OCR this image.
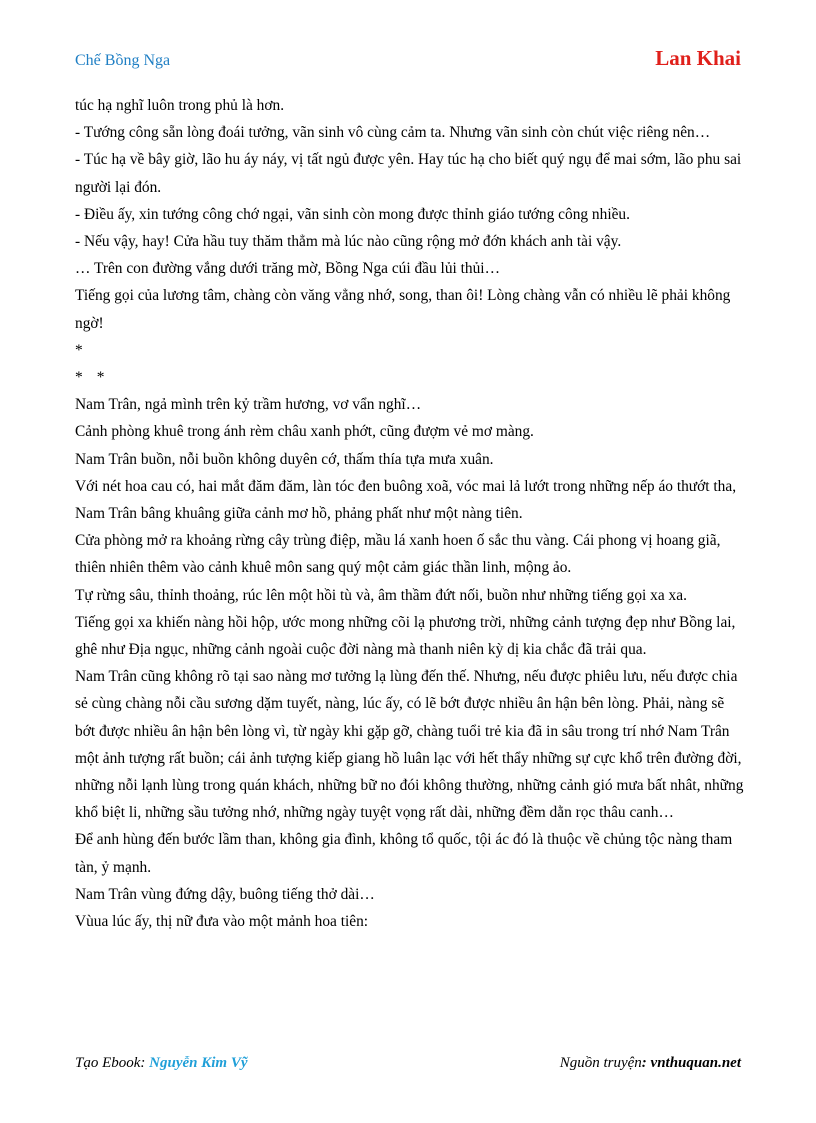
Chế Bồng Nga	Lan Khai

túc hạ nghĩ luôn trong phủ là hơn.

- Tướng công sẵn lòng đoái tưởng, vãn sinh vô cùng cảm ta. Nhưng vãn sinh còn chút việc riêng nên…

- Túc hạ về bây giờ, lão hu áy náy, vị tất ngủ được yên. Hay túc hạ cho biết quý ngụ để mai sớm, lão phu sai người lại đón.

- Điều ấy, xin tướng công chớ ngại, vãn sinh còn mong được thỉnh giáo tướng công nhiều.

- Nếu vậy, hay! Cửa hầu tuy thăm thẳm mà lúc nào cũng rộng mở đớn khách anh tài vậy.

… Trên con đường vắng dưới trăng mờ, Bồng Nga cúi đầu lủi thủi…

Tiếng gọi của lương tâm, chàng còn văng vẳng nhớ, song, than ôi! Lòng chàng vẫn có nhiều lẽ phải không ngờ!

*

* *

Nam Trân, ngả mình trên kỷ trầm hương, vơ vẩn nghĩ…

Cảnh phòng khuê trong ánh rèm châu xanh phớt, cũng đượm vẻ mơ màng.

Nam Trân buồn, nỗi buồn không duyên cớ, thấm thía tựa mưa xuân.

Với nét hoa cau có, hai mắt đăm đăm, làn tóc đen buông xoã, vóc mai lả lướt trong những nếp áo thướt tha, Nam Trân bâng khuâng giữa cảnh mơ hồ, phảng phất như một nàng tiên.

Cửa phòng mở ra khoảng rừng cây trùng điệp, mầu lá xanh hoen ố sắc thu vàng. Cái phong vị hoang giã, thiên nhiên thêm vào cảnh khuê môn sang quý một cảm giác thần linh, mộng ảo.

Tự rừng sâu, thỉnh thoảng, rúc lên một hồi tù và, âm thầm đứt nối, buồn như những tiếng gọi xa xa.

Tiếng gọi xa khiến nàng hồi hộp, ước mong những cõi lạ phương trời, những cảnh tượng đẹp như Bồng lai, ghê như Địa ngục, những cảnh ngoài cuộc đời nàng mà thanh niên kỳ dị kia chắc đã trải qua.

Nam Trân cũng không rõ tại sao nàng mơ tưởng lạ lùng đến thế. Nhưng, nếu được phiêu lưu, nếu được chia sẻ cùng chàng nỗi cầu sương dặm tuyết, nàng, lúc ấy, có lẽ bớt được nhiều ân hận bên lòng. Phải, nàng sẽ bớt được nhiều ân hận bên lòng vì, từ ngày khi gặp gỡ, chàng tuổi trẻ kia đã in sâu trong trí nhớ Nam Trân một ảnh tượng rất buồn; cái ảnh tượng kiếp giang hồ luân lạc với hết thẩy những sự cực khổ trên đường đời, những nỗi lạnh lùng trong quán khách, những bữ no đói không thường, những cảnh gió mưa bất nhât, những khổ biệt li, những sầu tưởng nhớ, những ngày tuyệt vọng rất dài, những đềm dằn rọc thâu canh…

Để anh hùng đến bước lầm than, không gia đình, không tổ quốc, tội ác đó là thuộc về chủng tộc nàng tham tàn, ỷ mạnh.

Nam Trân vùng đứng dậy, buông tiếng thở dài…

Vùua lúc ấy, thị nữ đưa vào một mảnh hoa tiên:

Tạo Ebook: Nguyễn Kim Vỹ	Nguồn truyện: vnthuquan.net
